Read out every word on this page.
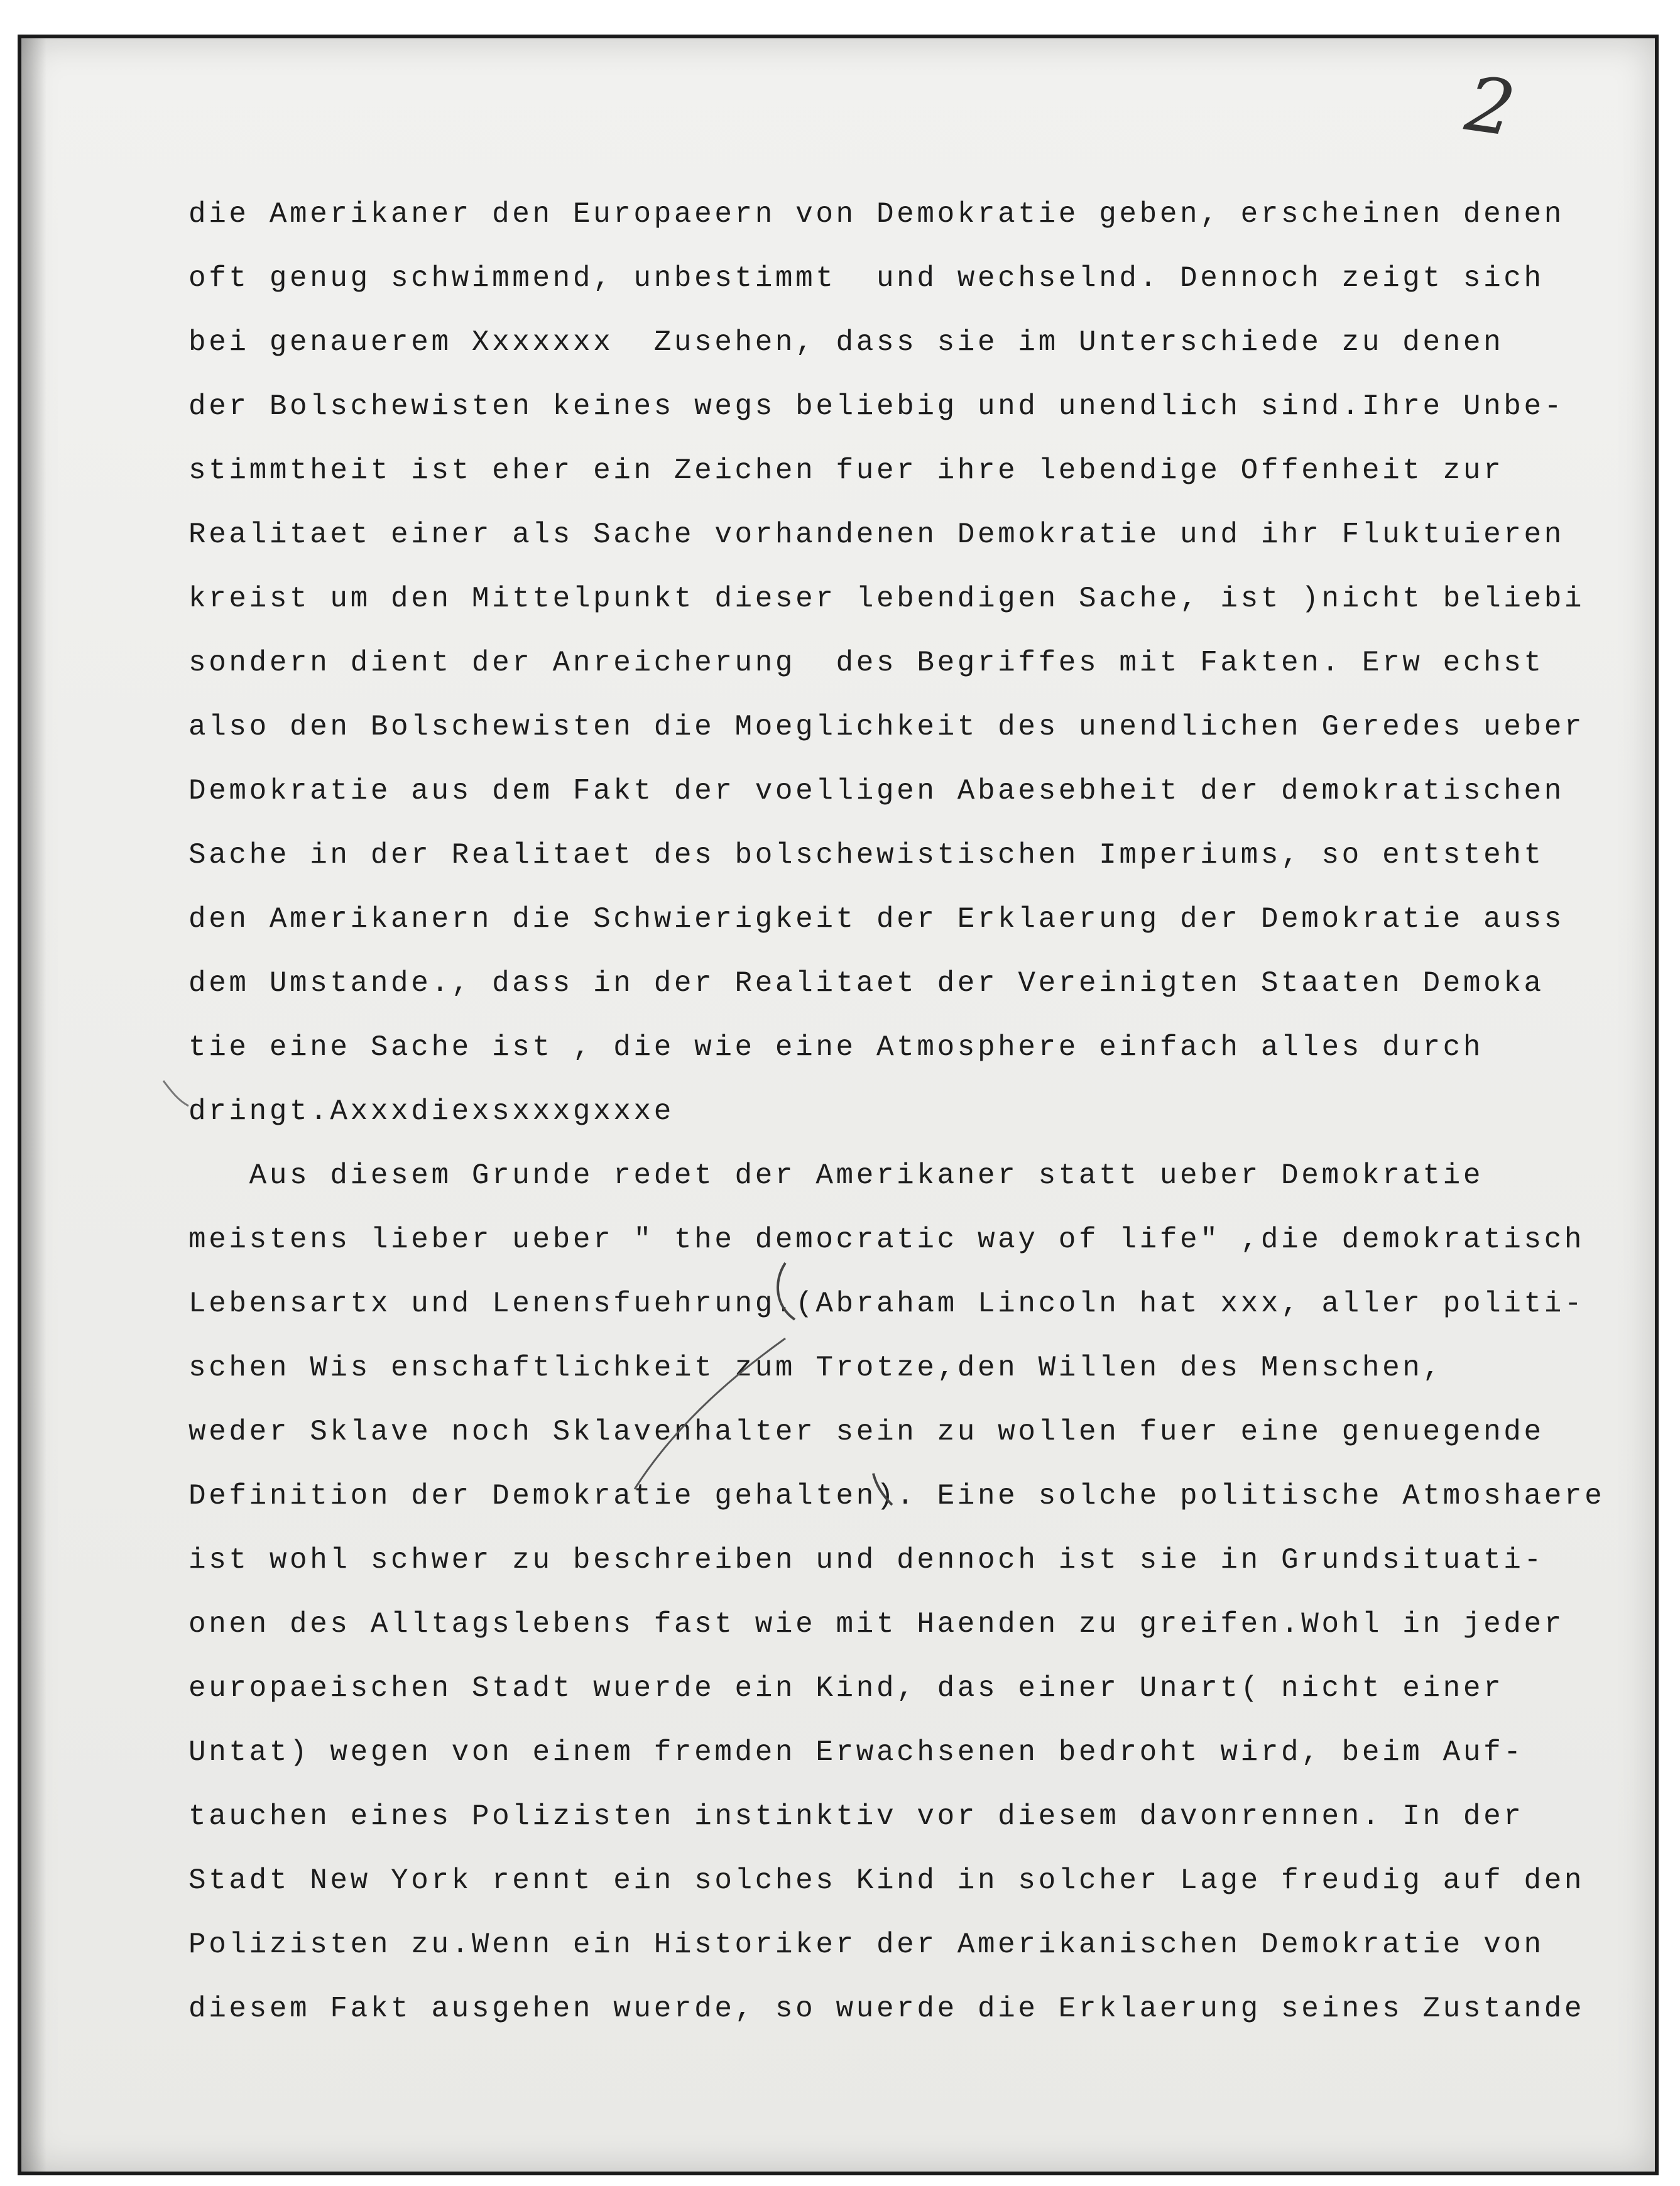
2
die Amerikaner den Europaeern von Demokratie geben, erscheinen denen
oft genug schwimmend, unbestimmt  und wechselnd. Dennoch zeigt sich
bei genauerem Xxxxxxx  Zusehen, dass sie im Unterschiede zu denen
der Bolschewisten keines wegs beliebig und unendlich sind.Ihre Unbe-
stimmtheit ist eher ein Zeichen fuer ihre lebendige Offenheit zur
Realitaet einer als Sache vorhandenen Demokratie und ihr Fluktuieren
kreist um den Mittelpunkt dieser lebendigen Sache, ist )nicht beliebi
sondern dient der Anreicherung  des Begriffes mit Fakten. Erw echst
also den Bolschewisten die Moeglichkeit des unendlichen Geredes ueber
Demokratie aus dem Fakt der voelligen Abaesebheit der demokratischen
Sache in der Realitaet des bolschewistischen Imperiums, so entsteht
den Amerikanern die Schwierigkeit der Erklaerung der Demokratie auss
dem Umstande., dass in der Realitaet der Vereinigten Staaten Demoka
tie eine Sache ist , die wie eine Atmosphere einfach alles durch
dringt.Axxxdiexsxxxgxxxe
Aus diesem Grunde redet der Amerikaner statt ueber Demokratie
meistens lieber ueber " the democratic way of life" ,die demokratisch
Lebensartx und Lenensfuehrung.(Abraham Lincoln hat xxx, aller politi-
schen Wis enschaftlichkeit zum Trotze,den Willen des Menschen,
weder Sklave noch Sklavenhalter sein zu wollen fuer eine genuegende
Definition der Demokratie gehalten). Eine solche politische Atmoshaere
ist wohl schwer zu beschreiben und dennoch ist sie in Grundsituati-
onen des Alltagslebens fast wie mit Haenden zu greifen.Wohl in jeder
europaeischen Stadt wuerde ein Kind, das einer Unart( nicht einer
Untat) wegen von einem fremden Erwachsenen bedroht wird, beim Auf-
tauchen eines Polizisten instinktiv vor diesem davonrennen. In der
Stadt New York rennt ein solches Kind in solcher Lage freudig auf den
Polizisten zu.Wenn ein Historiker der Amerikanischen Demokratie von
diesem Fakt ausgehen wuerde, so wuerde die Erklaerung seines Zustande
